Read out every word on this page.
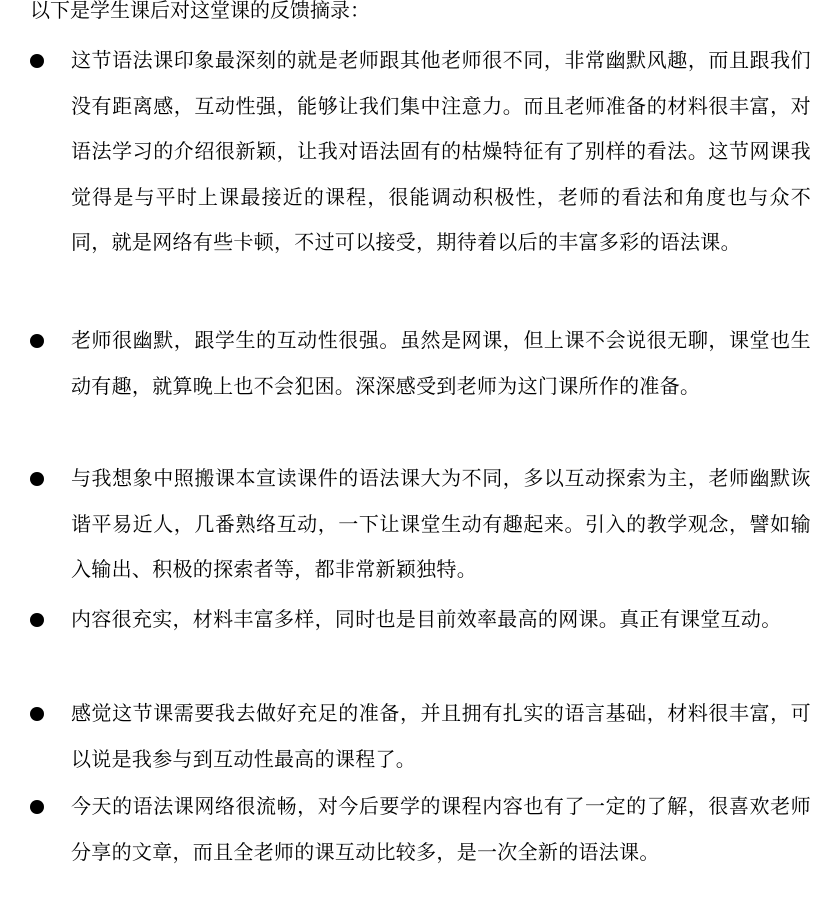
以下是学生课后对这堂课的反馈摘录：
这节语法课印象最深刻的就是老师跟其他老师很不同，非常幽默风趣，而且跟我们没有距离感，互动性强，能够让我们集中注意力。而且老师准备的材料很丰富，对语法学习的介绍很新颖，让我对语法固有的枯燥特征有了别样的看法。这节网课我觉得是与平时上课最接近的课程，很能调动积极性，老师的看法和角度也与众不同，就是网络有些卡顿，不过可以接受，期待着以后的丰富多彩的语法课。
老师很幽默，跟学生的互动性很强。虽然是网课，但上课不会说很无聊，课堂也生动有趣，就算晚上也不会犯困。深深感受到老师为这门课所作的准备。
与我想象中照搬课本宣读课件的语法课大为不同，多以互动探索为主，老师幽默诙谐平易近人，几番熟络互动，一下让课堂生动有趣起来。引入的教学观念，譬如输入输出、积极的探索者等，都非常新颖独特。
内容很充实，材料丰富多样，同时也是目前效率最高的网课。真正有课堂互动。
感觉这节课需要我去做好充足的准备，并且拥有扎实的语言基础，材料很丰富，可以说是我参与到互动性最高的课程了。
今天的语法课网络很流畅，对今后要学的课程内容也有了一定的了解，很喜欢老师分享的文章，而且全老师的课互动比较多，是一次全新的语法课。
